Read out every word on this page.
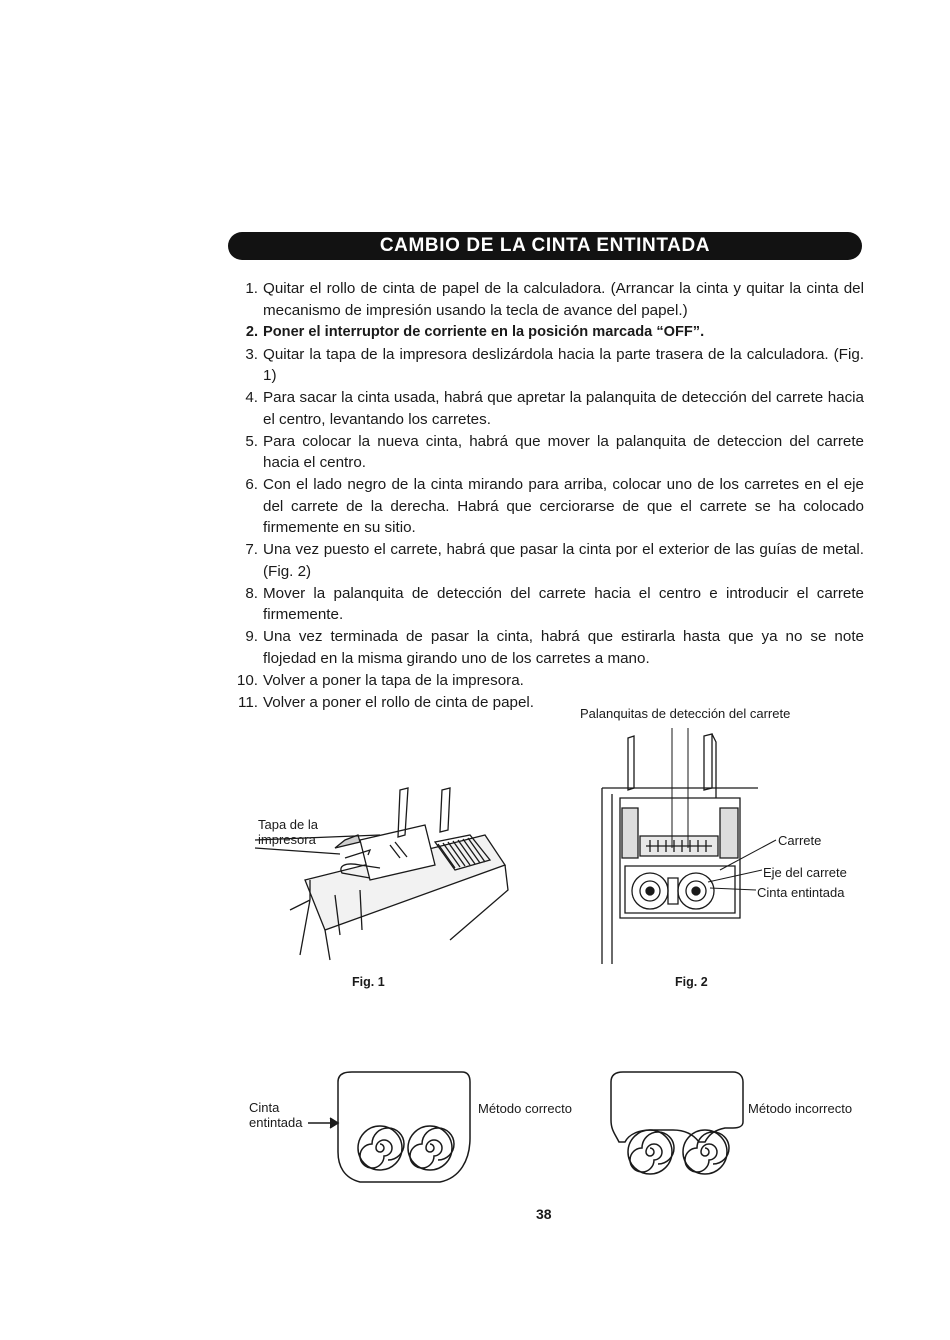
CAMBIO DE LA CINTA ENTINTADA
1. Quitar el rollo de cinta de papel de la calculadora. (Arrancar la cinta y quitar la cinta del mecanismo de impresión usando la tecla de avance del papel.)
2. Poner el interruptor de corriente en la posición marcada “OFF”.
3. Quitar la tapa de la impresora deslizárdola hacia la parte trasera de la calculadora. (Fig. 1)
4. Para sacar la cinta usada, habrá que apretar la palanquita de detección del carrete hacia el centro, levantando los carretes.
5. Para colocar la nueva cinta, habrá que mover la palanquita de deteccion del carrete hacia el centro.
6. Con el lado negro de la cinta mirando para arriba, colocar uno de los carretes en el eje del carrete de la derecha. Habrá que cerciorarse de que el carrete se ha colocado firmemente en su sitio.
7. Una vez puesto el carrete, habrá que pasar la cinta por el exterior de las guías de metal. (Fig. 2)
8. Mover la palanquita de detección del carrete hacia el centro e introducir el carrete firmemente.
9. Una vez terminada de pasar la cinta, habrá que estirarla hasta que ya no se note flojedad en la misma girando uno de los carretes a mano.
10. Volver a poner la tapa de la impresora.
11. Volver a poner el rollo de cinta de papel.
Tapa de la
impresora
Fig. 1
Palanquitas de detección del carrete
Carrete
Eje del carrete
Cinta entintada
Fig. 2
Cinta
entintada
Método correcto	Método incorrecto
38
